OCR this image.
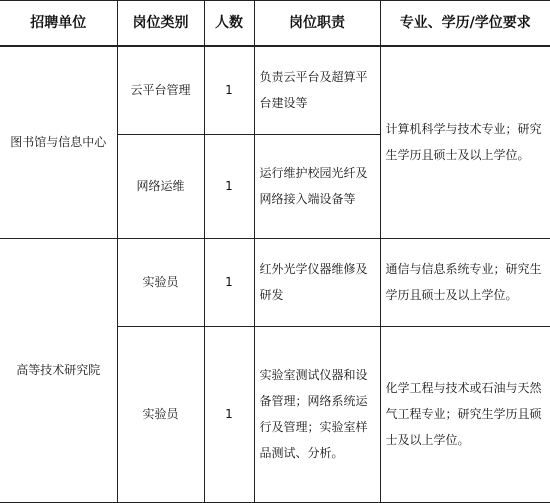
招聘单位	岗位类别	人数	岗位职责	专业、学历/学位要求
图书馆与信息中心	云平台管理	1	负责云平台及超算平台建设等	计算机科学与技术专业；研究生学历且硕士及以上学位。
	网络运维	1	运行维护校园光纤及网络接入端设备等	
高等技术研究院	实验员	1	红外光学仪器维修及研发	通信与信息系统专业；研究生学历且硕士及以上学位。
	实验员	1	实验室测试仪器和设备管理；网络系统运行及管理；实验室样品测试、分析。	化学工程与技术或石油与天然气工程专业；研究生学历且硕士及以上学位。
